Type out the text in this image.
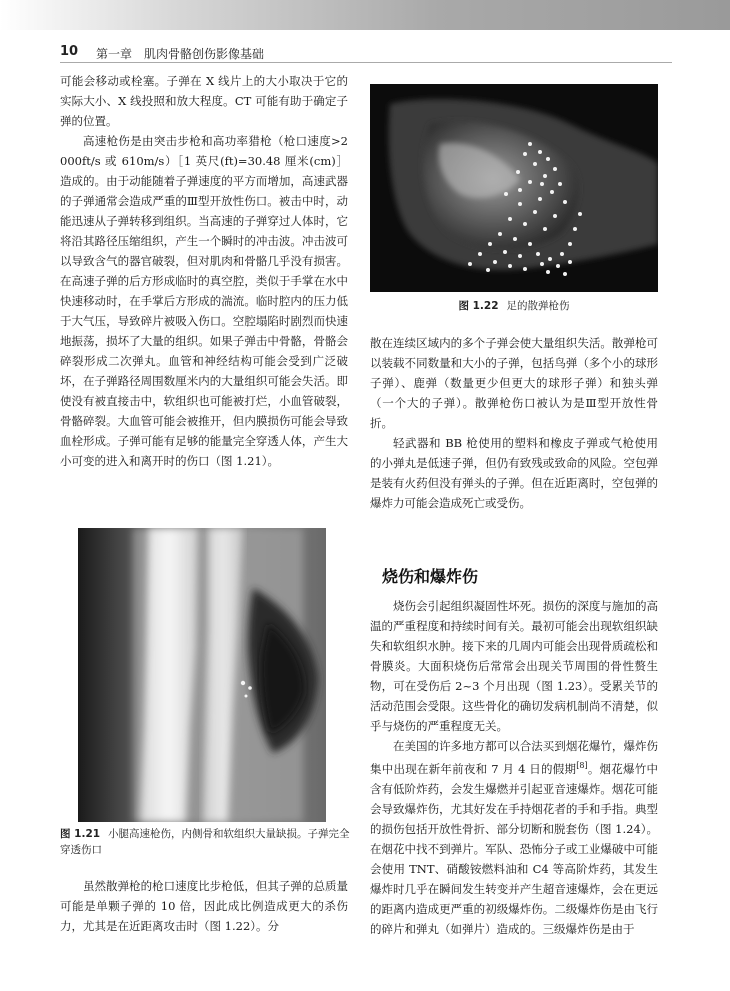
10 第一章　肌肉骨骼创伤影像基础

可能会移动或栓塞。子弹在 X 线片上的大小取决于它的实际大小、X 线投照和放大程度。CT 可能有助于确定子弹的位置。

高速枪伤是由突击步枪和高功率猎枪（枪口速度>2 000ft/s 或 610m/s）［1 英尺(ft)=30.48 厘米(cm)］造成的。由于动能随着子弹速度的平方而增加，高速武器的子弹通常会造成严重的Ⅲ型开放性伤口。被击中时，动能迅速从子弹转移到组织。当高速的子弹穿过人体时，它将沿其路径压缩组织，产生一个瞬时的冲击波。冲击波可以导致含气的器官破裂，但对肌肉和骨骼几乎没有损害。在高速子弹的后方形成临时的真空腔，类似于手掌在水中快速移动时，在手掌后方形成的湍流。临时腔内的压力低于大气压，导致碎片被吸入伤口。空腔塌陷时剧烈而快速地振荡，损坏了大量的组织。如果子弹击中骨骼，骨骼会碎裂形成二次弹丸。血管和神经结构可能会受到广泛破坏，在子弹路径周围数厘米内的大量组织可能会失活。即使没有被直接击中，软组织也可能被打烂，小血管破裂，骨骼碎裂。大血管可能会被推开，但内膜损伤可能会导致血栓形成。子弹可能有足够的能量完全穿透人体，产生大小可变的进入和离开时的伤口（图 1.21）。

图 1.22 足的散弹枪伤

散在连续区域内的多个子弹会使大量组织失活。散弹枪可以装载不同数量和大小的子弹，包括鸟弹（多个小的球形子弹）、鹿弹（数量更少但更大的球形子弹）和独头弹（一个大的子弹）。散弹枪伤口被认为是Ⅲ型开放性骨折。

轻武器和 BB 枪使用的塑料和橡皮子弹或气枪使用的小弹丸是低速子弹，但仍有致残或致命的风险。空包弹是装有火药但没有弹头的子弹。但在近距离时，空包弹的爆炸力可能会造成死亡或受伤。

烧伤和爆炸伤

烧伤会引起组织凝固性坏死。损伤的深度与施加的高温的严重程度和持续时间有关。最初可能会出现软组织缺失和软组织水肿。接下来的几周内可能会出现骨质疏松和骨膜炎。大面积烧伤后常常会出现关节周围的骨性赘生物，可在受伤后 2~3 个月出现（图 1.23）。受累关节的活动范围会受限。这些骨化的确切发病机制尚不清楚，似乎与烧伤的严重程度无关。

在美国的许多地方都可以合法买到烟花爆竹，爆炸伤集中出现在新年前夜和 7 月 4 日的假期[8]。烟花爆竹中含有低阶炸药，会发生爆燃并引起亚音速爆炸。烟花可能会导致爆炸伤，尤其好发在手持烟花者的手和手指。典型的损伤包括开放性骨折、部分切断和脱套伤（图 1.24）。在烟花中找不到弹片。军队、恐怖分子或工业爆破中可能会使用 TNT、硝酸铵燃料油和 C4 等高阶炸药，其发生爆炸时几乎在瞬间发生转变并产生超音速爆炸，会在更远的距离内造成更严重的初级爆炸伤。二级爆炸伤是由飞行的碎片和弹丸（如弹片）造成的。三级爆炸伤是由于

图 1.21 小腿高速枪伤，内侧骨和软组织大量缺损。子弹完全穿透伤口

虽然散弹枪的枪口速度比步枪低，但其子弹的总质量可能是单颗子弹的 10 倍，因此成比例造成更大的杀伤力，尤其是在近距离攻击时（图 1.22）。分
